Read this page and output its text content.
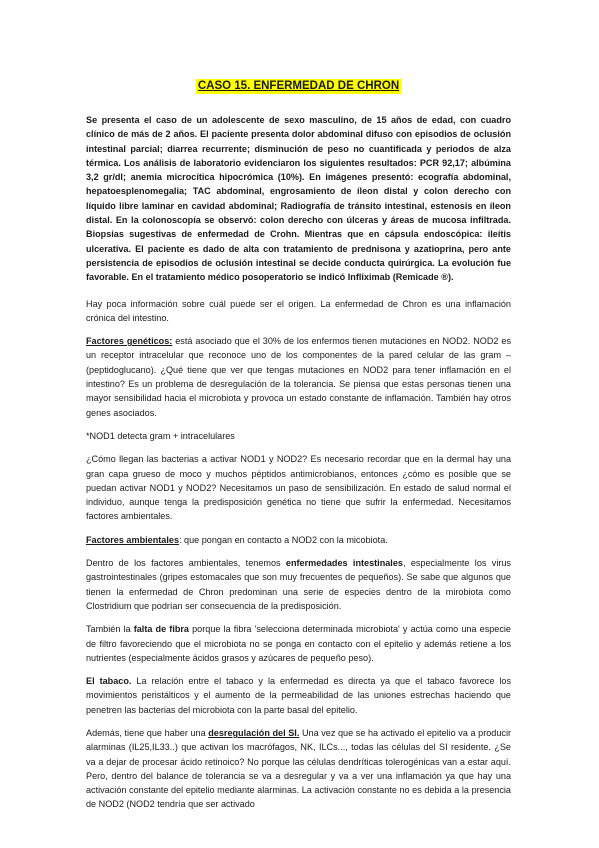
CASO 15. ENFERMEDAD DE CHRON

Se presenta el caso de un adolescente de sexo masculino, de 15 años de edad, con cuadro clínico de más de 2 años. El paciente presenta dolor abdominal difuso con episodios de oclusión intestinal parcial; diarrea recurrente; disminución de peso no cuantificada y periodos de alza térmica. Los análisis de laboratorio evidenciaron los siguientes resultados: PCR 92,17; albúmina 3,2 gr/dl; anemia microcítica hipocrómica (10%). En imágenes presentó: ecografía abdominal, hepatoesplenomegalia; TAC abdominal, engrosamiento de íleon distal y colon derecho con líquido libre laminar en cavidad abdominal; Radiografía de tránsito intestinal, estenosis en íleon distal. En la colonoscopía se observó: colon derecho con úlceras y áreas de mucosa infiltrada. Biopsias sugestivas de enfermedad de Crohn. Mientras que en cápsula endoscópica: ileítis ulcerativa. El paciente es dado de alta con tratamiento de prednisona y azatioprina, pero ante persistencia de episodios de oclusión intestinal se decide conducta quirúrgica. La evolución fue favorable. En el tratamiento médico posoperatorio se indicó Infliximab (Remicade ®).

Hay poca información sobre cuál puede ser el origen. La enfermedad de Chron es una inflamación crónica del intestino.

Factores genéticos: está asociado que el 30% de los enfermos tienen mutaciones en NOD2. NOD2 es un receptor intracelular que reconoce uno de los componentes de la pared celular de las gram – (peptidoglucano). ¿Qué tiene que ver que tengas mutaciones en NOD2 para tener inflamación en el intestino? Es un problema de desregulación de la tolerancia. Se piensa que estas personas tienen una mayor sensibilidad hacia el microbiota y provoca un estado constante de inflamación. También hay otros genes asociados.

*NOD1 detecta gram + intracelulares

¿Cómo llegan las bacterias a activar NOD1 y NOD2? Es necesario recordar que en la dermal hay una gran capa grueso de moco y muchos péptidos antimicrobianos, entonces ¿cómo es posible que se puedan activar NOD1 y NOD2? Necesitamos un paso de sensibilización. En estado de salud normal el individuo, aunque tenga la predisposición genética no tiene que sufrir la enfermedad. Necesitamos factores ambientales.

Factores ambientales: que pongan en contacto a NOD2 con la micobiota.

Dentro de los factores ambientales, tenemos enfermedades intestinales, especialmente los virus gastrointestinales (gripes estomacales que son muy frecuentes de pequeños). Se sabe que algunos que tienen la enfermedad de Chron predominan una serie de especies dentro de la mirobiota como Clostridium que podrían ser consecuencia de la predisposición.

También la falta de fibra porque la fibra 'selecciona determinada microbiota' y actúa como una especie de filtro favoreciendo que el microbiota no se ponga en contacto con el epitelio y además retiene a los nutrientes (especialmente ácidos grasos y azúcares de pequeño peso).

El tabaco. La relación entre el tabaco y la enfermedad es directa ya que el tabaco favorece los movimientos peristálticos y el aumento de la permeabilidad de las uniones estrechas haciendo que penetren las bacterias del microbiota con la parte basal del epitelio.

Además, tiene que haber una desregulación del SI. Una vez que se ha activado el epitelio va a producir alarminas (IL25,IL33..) que activan los macrófagos, NK, ILCs..., todas las células del SI residente. ¿Se va a dejar de procesar ácido retinoico? No porque las células dendríticas tolerogénicas van a estar aquí. Pero, dentro del balance de tolerancia se va a desregular y va a ver una inflamación ya que hay una activación constante del epitelio mediante alarminas. La activación constante no es debida a la presencia de NOD2 (NOD2 tendría que ser activado
